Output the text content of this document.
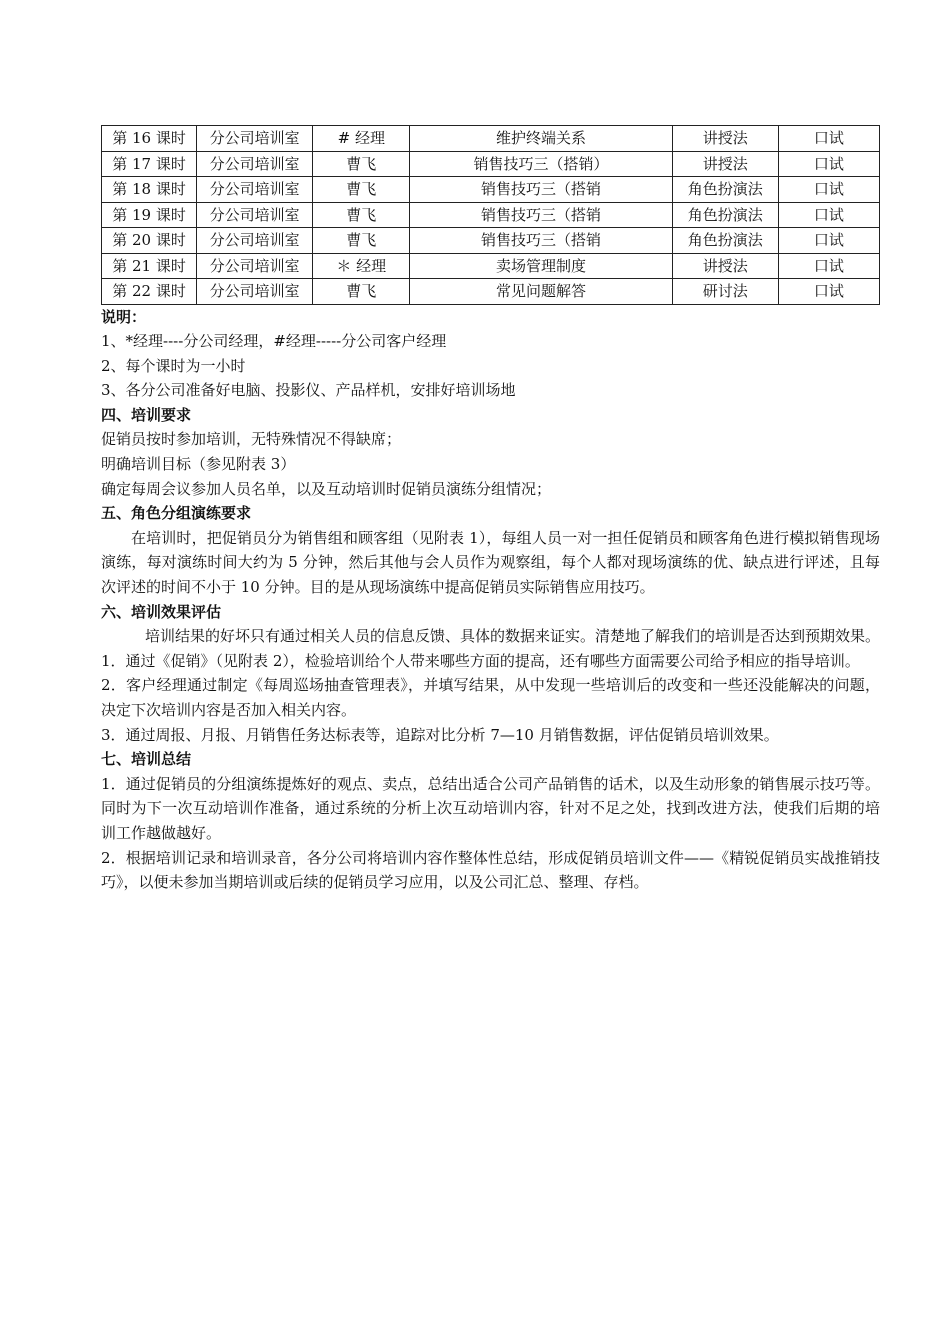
第 16 课时	分公司培训室	# 经理	维护终端关系	讲授法	口试
第 17 课时	分公司培训室	曹飞	销售技巧三（搭销）	讲授法	口试
第 18 课时	分公司培训室	曹飞	销售技巧三（搭销	角色扮演法	口试
第 19 课时	分公司培训室	曹飞	销售技巧三（搭销	角色扮演法	口试
第 20 课时	分公司培训室	曹飞	销售技巧三（搭销	角色扮演法	口试
第 21 课时	分公司培训室	＊ 经理	卖场管理制度	讲授法	口试
第 22 课时	分公司培训室	曹飞	常见问题解答	研讨法	口试

说明：

1、*经理----分公司经理，#经理-----分公司客户经理

2、每个课时为一小时

3、各分公司准备好电脑、投影仪、产品样机，安排好培训场地

四、培训要求

促销员按时参加培训，无特殊情况不得缺席；

明确培训目标（参见附表 3）

确定每周会议参加人员名单，以及互动培训时促销员演练分组情况；

五、角色分组演练要求

在培训时，把促销员分为销售组和顾客组（见附表 1），每组人员一对一担任促销员和顾客角色进行模拟销售现场演练，每对演练时间大约为 5 分钟，然后其他与会人员作为观察组，每个人都对现场演练的优、缺点进行评述，且每次评述的时间不小于 10 分钟。目的是从现场演练中提高促销员实际销售应用技巧。

六、培训效果评估

培训结果的好坏只有通过相关人员的信息反馈、具体的数据来证实。清楚地了解我们的培训是否达到预期效果。

1．通过《促销》（见附表 2），检验培训给个人带来哪些方面的提高，还有哪些方面需要公司给予相应的指导培训。

2．客户经理通过制定《每周巡场抽查管理表》，并填写结果，从中发现一些培训后的改变和一些还没能解决的问题，决定下次培训内容是否加入相关内容。

3．通过周报、月报、月销售任务达标表等，追踪对比分析 7—10 月销售数据，评估促销员培训效果。

七、培训总结

1．通过促销员的分组演练提炼好的观点、卖点，总结出适合公司产品销售的话术，以及生动形象的销售展示技巧等。同时为下一次互动培训作准备，通过系统的分析上次互动培训内容，针对不足之处，找到改进方法，使我们后期的培训工作越做越好。

2．根据培训记录和培训录音，各分公司将培训内容作整体性总结，形成促销员培训文件——《精锐促销员实战推销技巧》，以便未参加当期培训或后续的促销员学习应用，以及公司汇总、整理、存档。
